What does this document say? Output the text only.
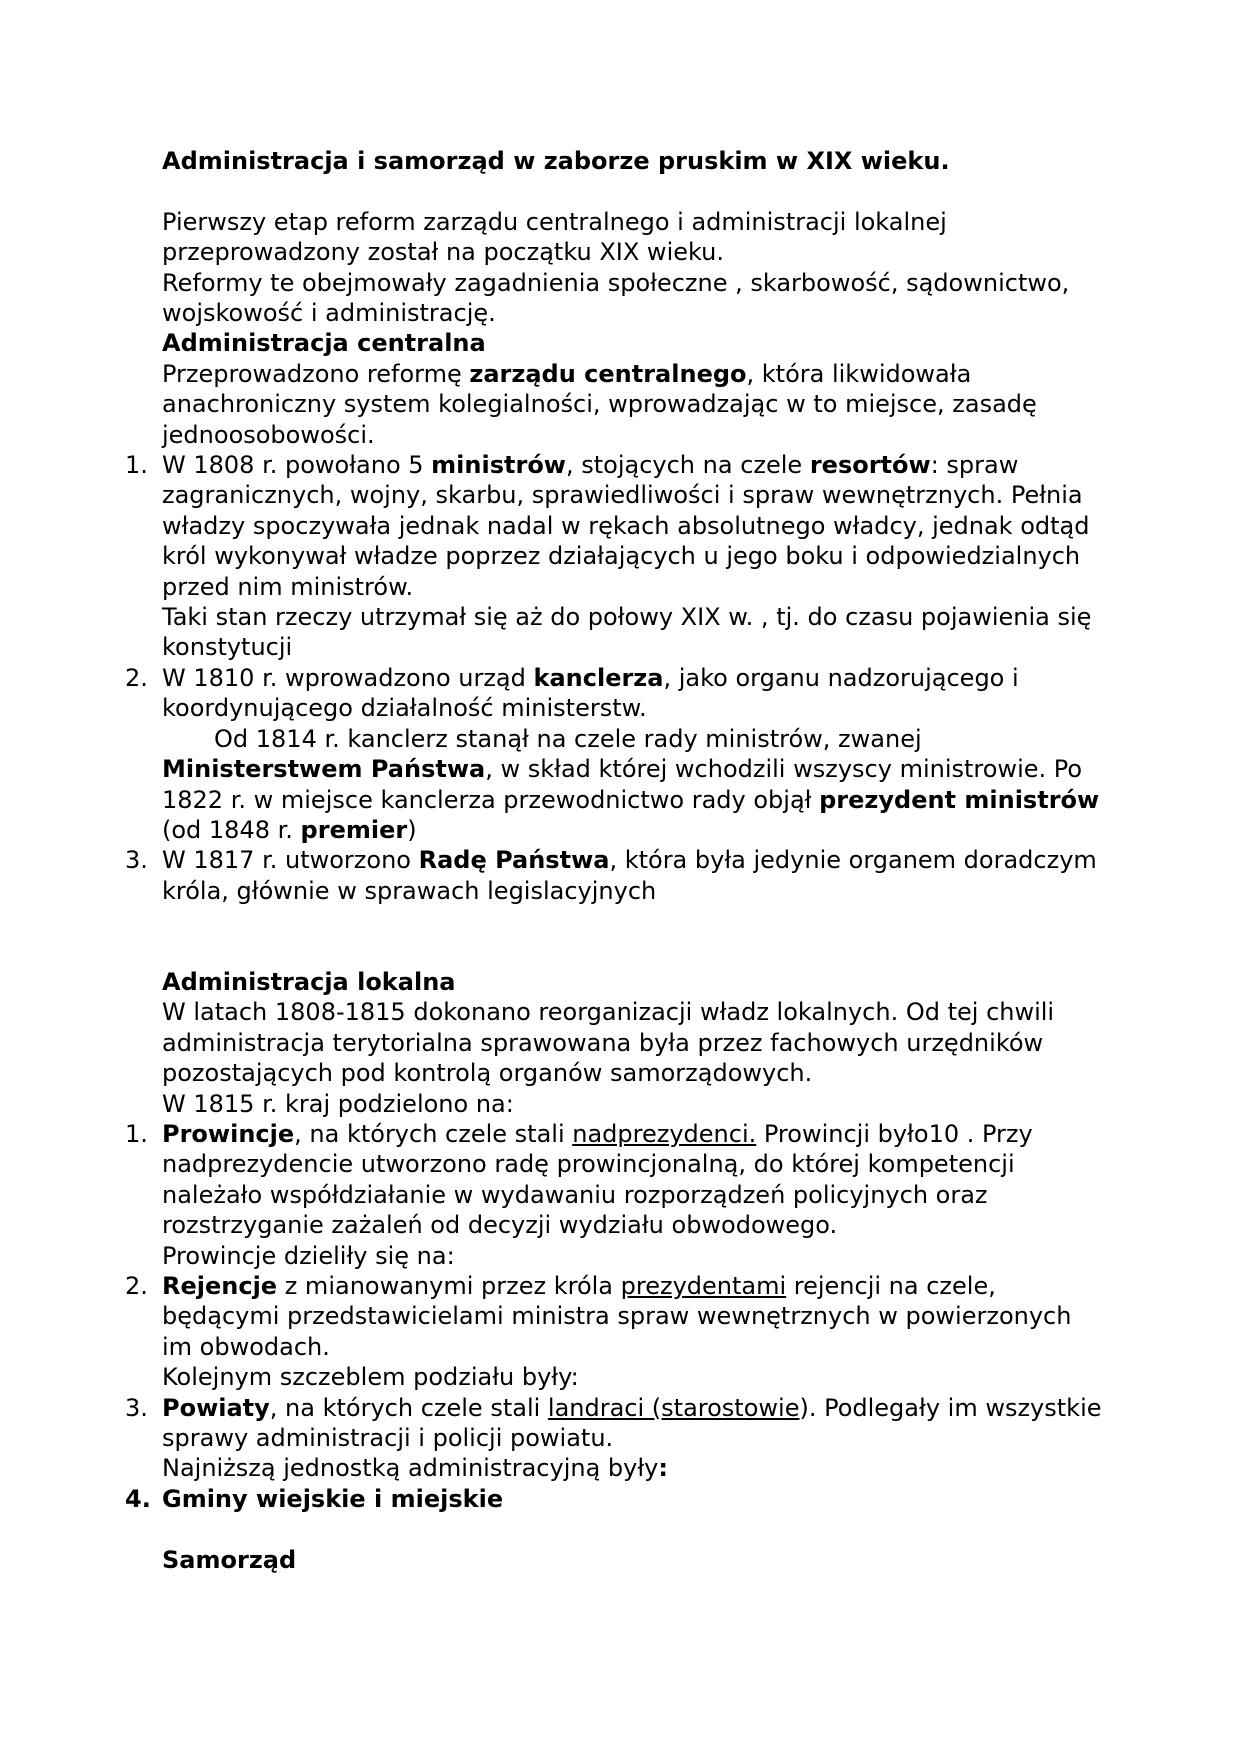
Administracja i samorząd w zaborze pruskim w XIX wieku.

Pierwszy etap reform zarządu centralnego i administracji lokalnej przeprowadzony został na początku XIX wieku.

Reformy te obejmowały zagadnienia społeczne , skarbowość, sądownictwo, wojskowość i administrację.

Administracja centralna

Przeprowadzono reformę zarządu centralnego, która likwidowała anachroniczny system kolegialności, wprowadzając w to miejsce, zasadę jednoosobowości.

1. W 1808 r. powołano 5 ministrów, stojących na czele resortów: spraw zagranicznych, wojny, skarbu, sprawiedliwości i spraw wewnętrznych. Pełnia władzy spoczywała jednak nadal w rękach absolutnego władcy, jednak odtąd król wykonywał władze poprzez działających u jego boku i odpowiedzialnych przed nim ministrów.

Taki stan rzeczy utrzymał się aż do połowy XIX w. , tj. do czasu pojawienia się konstytucji

2. W 1810 r. wprowadzono urząd kanclerza, jako organu nadzorującego i koordynującego działalność ministerstw.

Od 1814 r. kanclerz stanął na czele rady ministrów, zwanej Ministerstwem Państwa, w skład której wchodzili wszyscy ministrowie. Po 1822 r. w miejsce kanclerza przewodnictwo rady objął prezydent ministrów (od 1848 r. premier)

3. W 1817 r. utworzono Radę Państwa, która była jedynie organem doradczym króla, głównie w sprawach legislacyjnych

Administracja lokalna

W latach 1808-1815 dokonano reorganizacji władz lokalnych. Od tej chwili administracja terytorialna sprawowana była przez fachowych urzędników pozostających pod kontrolą organów samorządowych.

W 1815 r. kraj podzielono na:

1. Prowincje, na których czele stali nadprezydenci. Prowincji było10 . Przy nadprezydencie utworzono radę prowincjonalną, do której kompetencji należało współdziałanie w wydawaniu rozporządzeń policyjnych oraz rozstrzyganie zażaleń od decyzji wydziału obwodowego.

Prowincje dzieliły się na:

2. Rejencje z mianowanymi przez króla prezydentami rejencji na czele, będącymi przedstawicielami ministra spraw wewnętrznych w powierzonych im obwodach.

Kolejnym szczeblem podziału były:

3. Powiaty, na których czele stali landraci (starostowie). Podlegały im wszystkie sprawy administracji i policji powiatu.

Najniższą jednostką administracyjną były:

4. Gminy wiejskie i miejskie

Samorząd
